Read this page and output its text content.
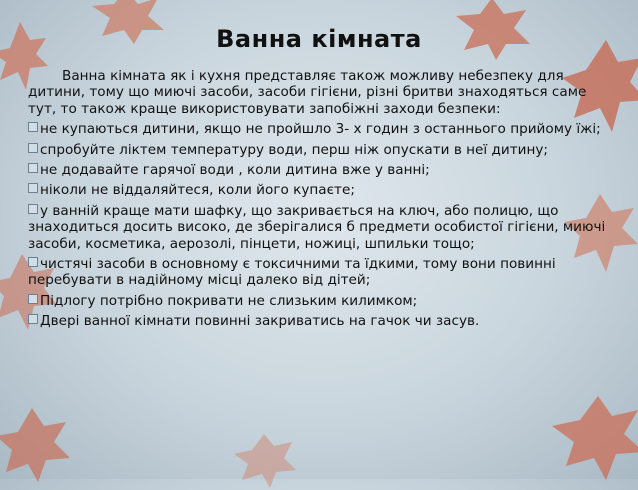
Ванна кімната

Ванна кімната як і кухня представляє також можливу небезпеку для дитини, тому що миючі засоби, засоби гігієни, різні бритви знаходяться саме тут, то також краще використовувати запобіжні заходи безпеки:

не купаються дитини, якщо не пройшло 3- х годин з останнього прийому їжі;

спробуйте ліктем температуру води, перш ніж опускати в неї дитину;

не додавайте гарячої води , коли дитина вже у ванні;

ніколи не віддаляйтеся, коли його купаєте;

у ванній краще мати шафку, що закривається на ключ, або полицю, що знаходиться досить високо, де зберігалися б предмети особистої гігієни, миючі засоби, косметика, аерозолі, пінцети, ножиці, шпильки тощо;

чистячі засоби в основному є токсичними та їдкими, тому вони повинні перебувати в надійному місці далеко від дітей;

Підлогу потрібно покривати не слизьким килимком;

Двері ванної кімнати повинні закриватись на гачок чи засув.
